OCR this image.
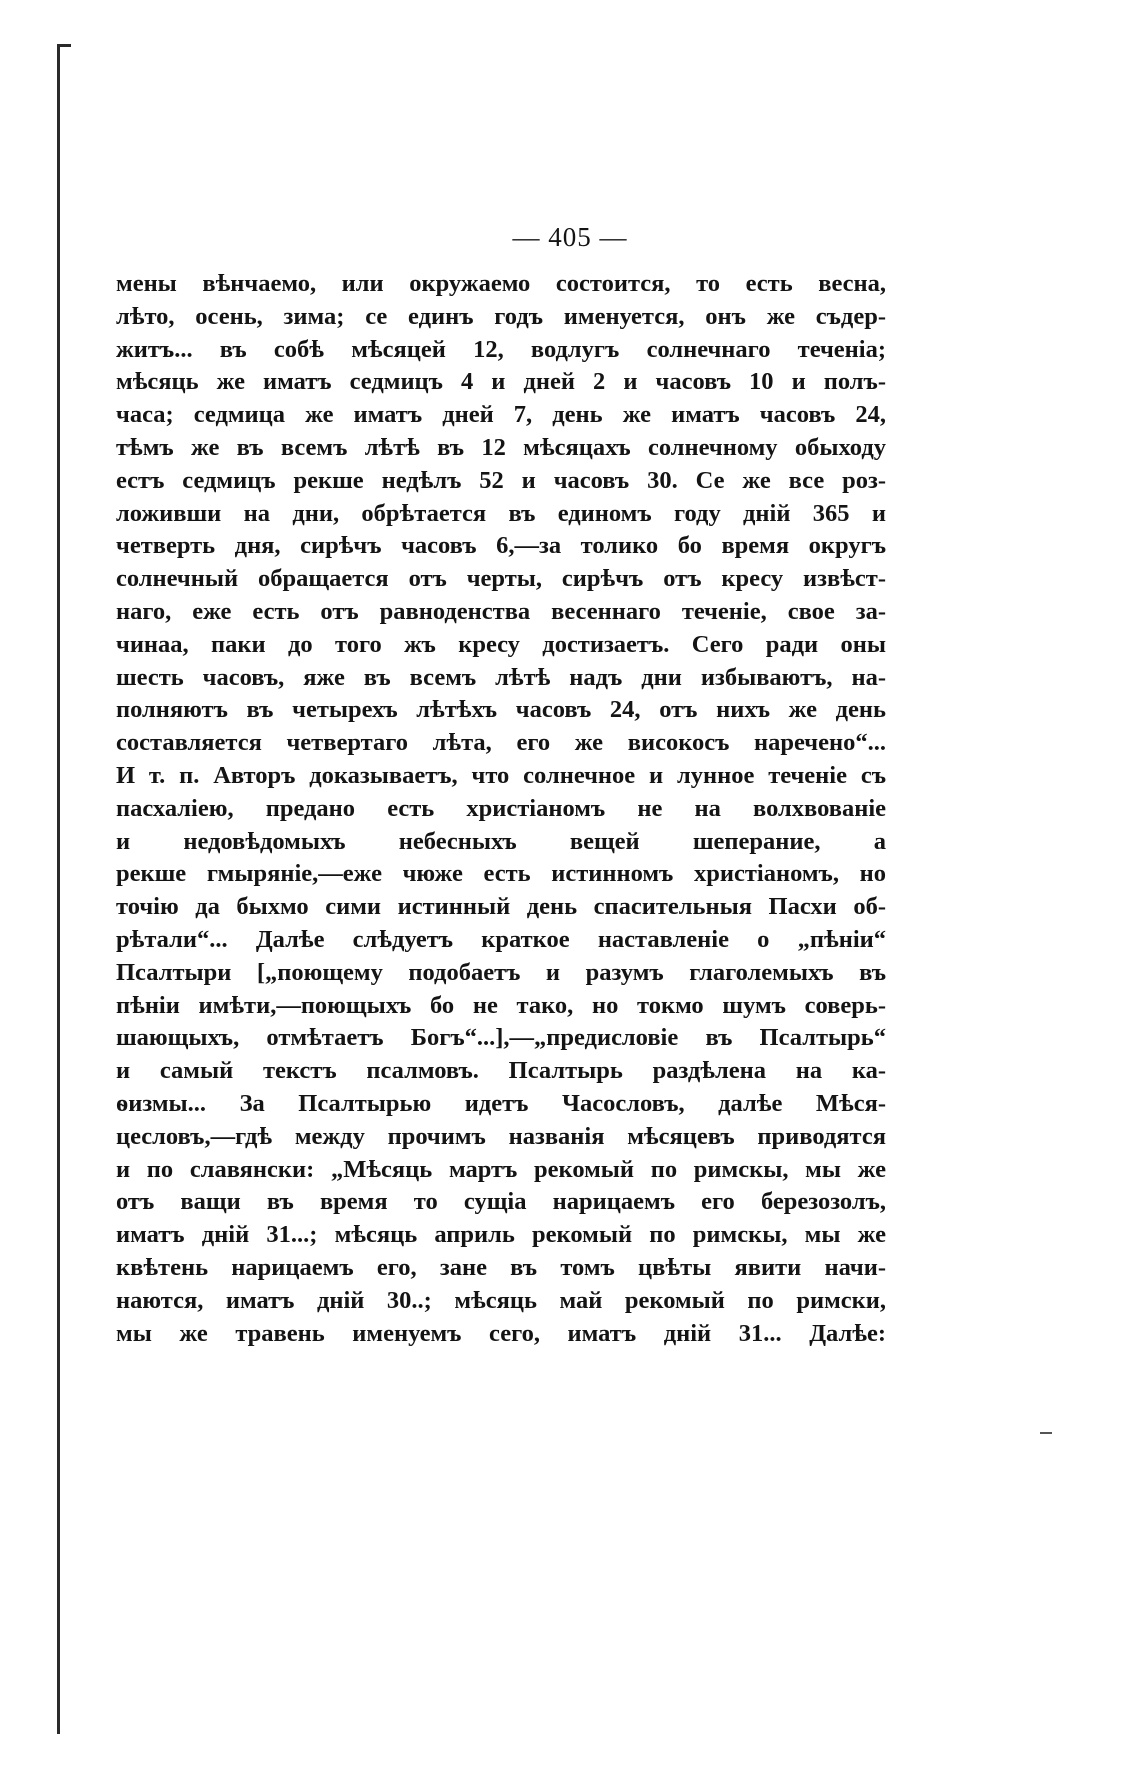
— 405 —
мены вѣнчаемо, или окружаемо состоится, то есть весна,
лѣто, осень, зима; се единъ годъ именуется, онъ же съдер-
житъ... въ собѣ мѣсяцей 12, водлугъ солнечнаго теченіа;
мѣсяць же иматъ седмицъ 4 и дней 2 и часовъ 10 и полъ-
часа; седмица же иматъ дней 7, день же иматъ часовъ 24,
тѣмъ же въ всемъ лѣтѣ въ 12 мѣсяцахъ солнечному обыходу
естъ седмицъ рекше недѣлъ 52 и часовъ 30. Се же все роз-
ложивши на дни, обрѣтается въ единомъ году дній 365 и
четверть дня, сирѣчъ часовъ 6,—за толико бо время округъ
солнечный обращается отъ черты, сирѣчъ отъ кресу извѣст-
наго, еже есть отъ равноденства весеннаго теченіе, свое за-
чинаа, паки до того жъ кресу достизаетъ. Сего ради оны
шесть часовъ, яже въ всемъ лѣтѣ надъ дни избываютъ, на-
полняютъ въ четырехъ лѣтѣхъ часовъ 24, отъ нихъ же день
составляется четвертаго лѣта, его же високосъ наречено“...
И т. п. Авторъ доказываетъ, что солнечное и лунное теченіе съ
пасхаліею, предано есть христіаномъ не на волхвованіе
и недовѣдомыхъ небесныхъ вещей шеперание, а
рекше гмыряніе,—еже чюже есть истинномъ христіаномъ, но
точію да быхмо сими истинный день спасительныя Пасхи об-
рѣтали“... Далѣе слѣдуетъ краткое наставленіе о „пѣніи“
Псалтыри [„поющему подобаетъ и разумъ глаголемыхъ въ
пѣніи имѣти,—поющыхъ бо не тако, но токмо шумъ соверь-
шающыхъ, отмѣтаетъ Богъ“...],—„предисловіе въ Псалтырь“
и самый текстъ псалмовъ. Псалтырь раздѣлена на ка-
ѳизмы... За Псалтырью идетъ Часословъ, далѣе Мѣся-
цесловъ,—гдѣ между прочимъ названія мѣсяцевъ приводятся
и по славянски: „Мѣсяць мартъ рекомый по римскы, мы же
отъ ващи въ время то сущіа нарицаемъ его березозолъ,
иматъ дній 31...; мѣсяць априль рекомый по римскы, мы же
квѣтень нарицаемъ его, зане въ томъ цвѣты явити начи-
наются, иматъ дній 30..; мѣсяць май рекомый по римски,
мы же травень именуемъ сего, иматъ дній 31... Далѣе:
